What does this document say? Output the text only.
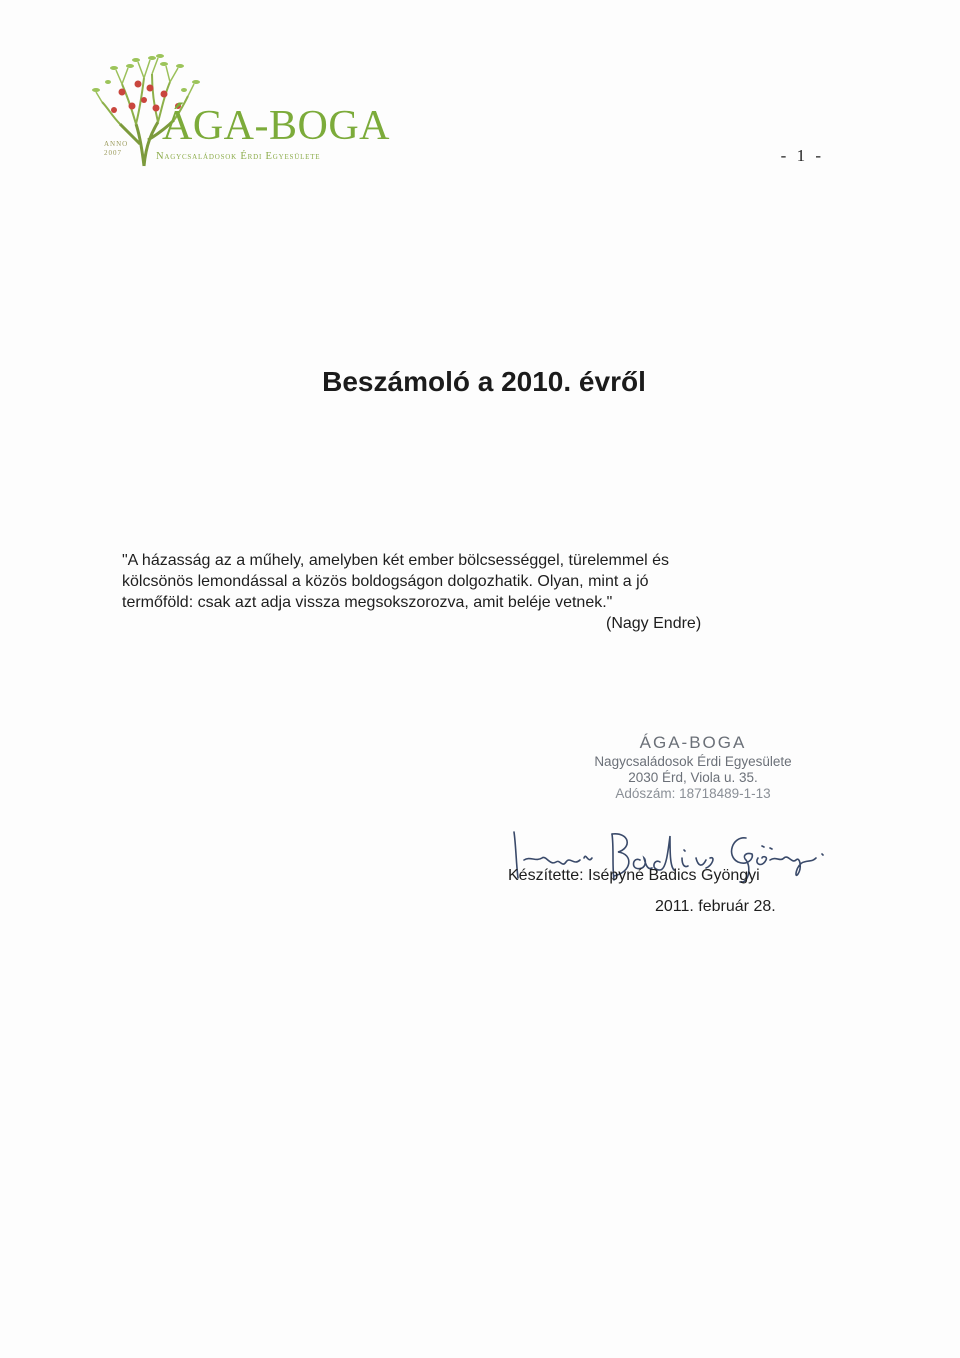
ANNO 2007
ÁGA-BOGA
Nagycsaládosok Érdi Egyesülete	- 1 -
Beszámoló a 2010. évről
"A házasság az a műhely, amelyben két ember bölcsességgel, türelemmel és
kölcsönös lemondással a közös boldogságon dolgozhatik. Olyan, mint a jó
termőföld: csak azt adja vissza megsokszorozva, amit beléje vetnek."
(Nagy Endre)
ÁGA-BOGA
Nagycsaládosok Érdi Egyesülete
2030 Érd, Viola u. 35.
Adószám: 18718489-1-13
Készítette: Isépyné Badics Gyöngyi
2011. február 28.
